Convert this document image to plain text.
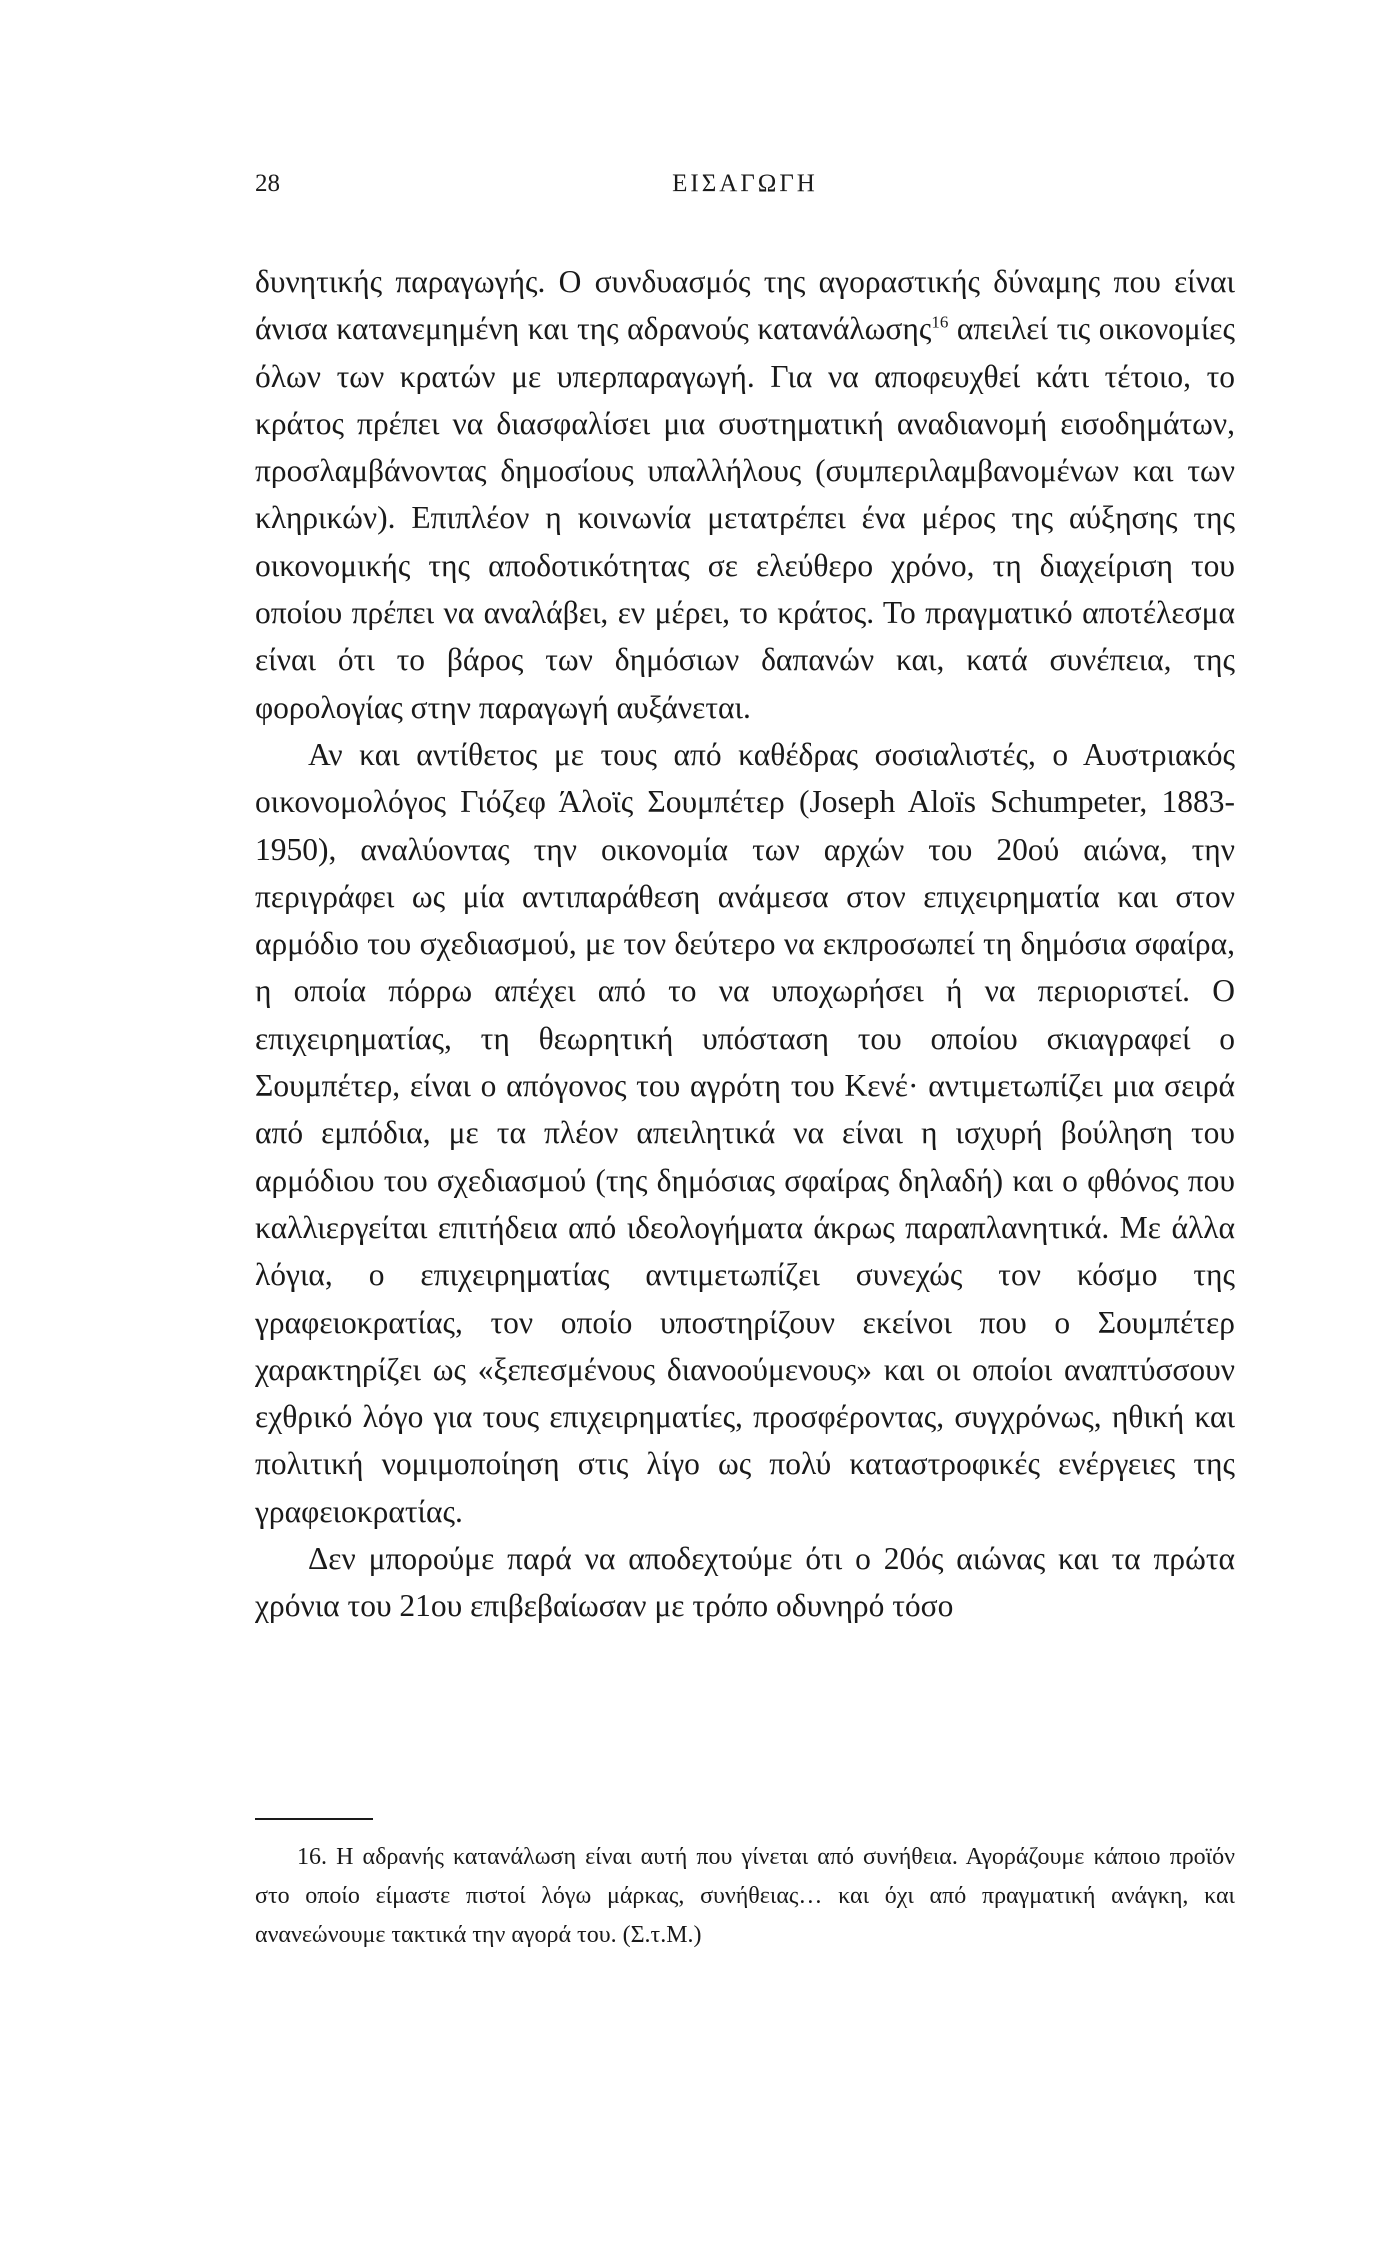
28	ΕΙΣΑΓΩΓΗ

δυνητικής παραγωγής. Ο συνδυασμός της αγοραστικής δύναμης που είναι άνισα κατανεμημένη και της αδρανούς κατανάλωσης$^{16}$ απειλεί τις οικονομίες όλων των κρατών με υπερπαραγωγή. Για να αποφευχθεί κάτι τέτοιο, το κράτος πρέπει να διασφαλίσει μια συστηματική αναδιανομή εισοδημάτων, προσλαμβάνοντας δημοσίους υπαλλήλους (συμπεριλαμβανομένων και των κληρικών). Επιπλέον η κοινωνία μετατρέπει ένα μέρος της αύξησης της οικονομικής της αποδοτικότητας σε ελεύθερο χρόνο, τη διαχείριση του οποίου πρέπει να αναλάβει, εν μέρει, το κράτος. Το πραγματικό αποτέλεσμα είναι ότι το βάρος των δημόσιων δαπανών και, κατά συνέπεια, της φορολογίας στην παραγωγή αυξάνεται.

Αν και αντίθετος με τους από καθέδρας σοσιαλιστές, ο Αυστριακός οικονομολόγος Γιόζεφ Άλοϊς Σουμπέτερ (Joseph Aloïs Schumpeter, 1883-1950), αναλύοντας την οικονομία των αρχών του 20ού αιώνα, την περιγράφει ως μία αντιπαράθεση ανάμεσα στον επιχειρηματία και στον αρμόδιο του σχεδιασμού, με τον δεύτερο να εκπροσωπεί τη δημόσια σφαίρα, η οποία πόρρω απέχει από το να υποχωρήσει ή να περιοριστεί. Ο επιχειρηματίας, τη θεωρητική υπόσταση του οποίου σκιαγραφεί ο Σουμπέτερ, είναι ο απόγονος του αγρότη του Κενέ· αντιμετωπίζει μια σειρά από εμπόδια, με τα πλέον απειλητικά να είναι η ισχυρή βούληση του αρμόδιου του σχεδιασμού (της δημόσιας σφαίρας δηλαδή) και ο φθόνος που καλλιεργείται επιτήδεια από ιδεολογήματα άκρως παραπλανητικά. Με άλλα λόγια, ο επιχειρηματίας αντιμετωπίζει συνεχώς τον κόσμο της γραφειοκρατίας, τον οποίο υποστηρίζουν εκείνοι που ο Σουμπέτερ χαρακτηρίζει ως «ξεπεσμένους διανοούμενους» και οι οποίοι αναπτύσσουν εχθρικό λόγο για τους επιχειρηματίες, προσφέροντας, συγχρόνως, ηθική και πολιτική νομιμοποίηση στις λίγο ως πολύ καταστροφικές ενέργειες της γραφειοκρατίας.

Δεν μπορούμε παρά να αποδεχτούμε ότι ο 20ός αιώνας και τα πρώτα χρόνια του 21ου επιβεβαίωσαν με τρόπο οδυνηρό τόσο

16. Η αδρανής κατανάλωση είναι αυτή που γίνεται από συνήθεια. Αγοράζουμε κάποιο προϊόν στο οποίο είμαστε πιστοί λόγω μάρκας, συνήθειας… και όχι από πραγματική ανάγκη, και ανανεώνουμε τακτικά την αγορά του. (Σ.τ.Μ.)
